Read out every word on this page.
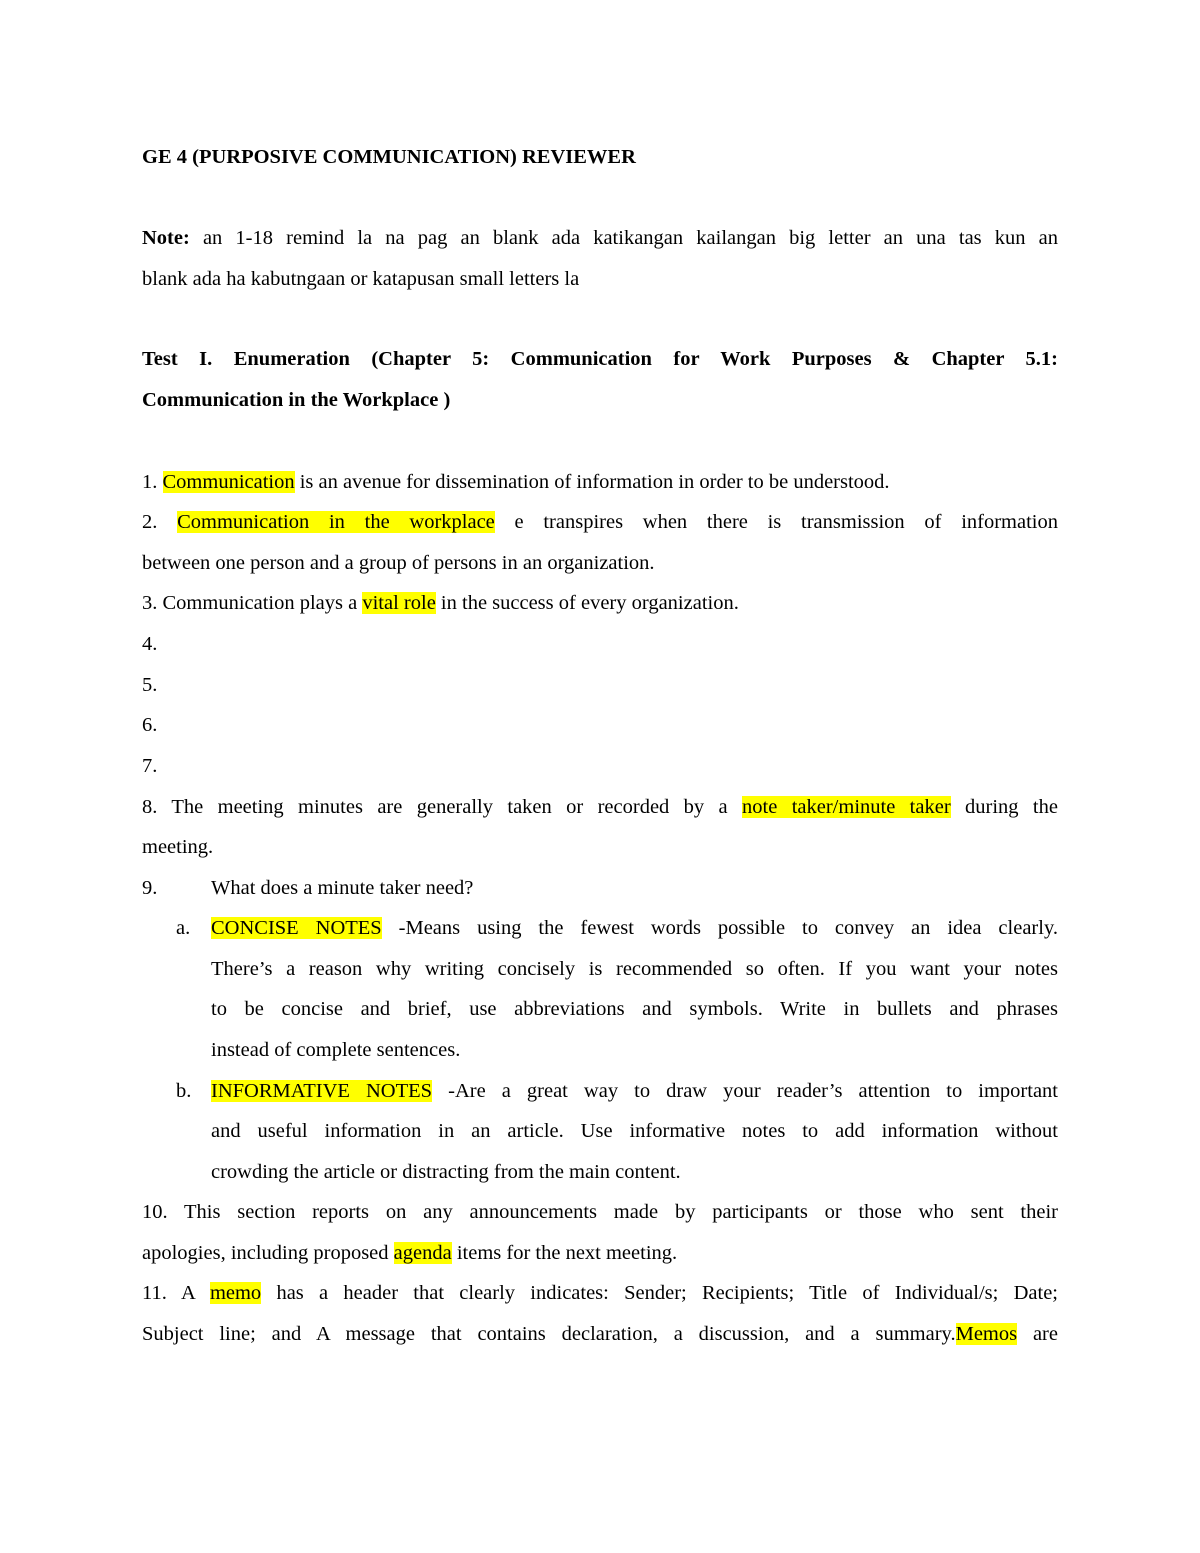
GE 4 (PURPOSIVE COMMUNICATION) REVIEWER
Note: an 1-18 remind la na pag an blank ada katikangan kailangan big letter an una tas kun an
blank ada ha kabutngaan or katapusan small letters la
Test I. Enumeration (Chapter 5: Communication for Work Purposes & Chapter 5.1:
Communication in the Workplace )
1. Communication is an avenue for dissemination of information in order to be understood.
2. Communication in the workplace e transpires when there is transmission of information
between one person and a group of persons in an organization.
3. Communication plays a vital role in the success of every organization.
4.
5.
6.
7.
8. The meeting minutes are generally taken or recorded by a note taker/minute taker during the
meeting.
9.	What does a minute taker need?
a. CONCISE NOTES -Means using the fewest words possible to convey an idea clearly.
There’s a reason why writing concisely is recommended so often. If you want your notes
to be concise and brief, use abbreviations and symbols. Write in bullets and phrases
instead of complete sentences.
b. INFORMATIVE NOTES -Are a great way to draw your reader’s attention to important
and useful information in an article. Use informative notes to add information without
crowding the article or distracting from the main content.
10. This section reports on any announcements made by participants or those who sent their
apologies, including proposed agenda items for the next meeting.
11. A memo has a header that clearly indicates: Sender; Recipients; Title of Individual/s; Date;
Subject line; and A message that contains declaration, a discussion, and a summary.Memos are
